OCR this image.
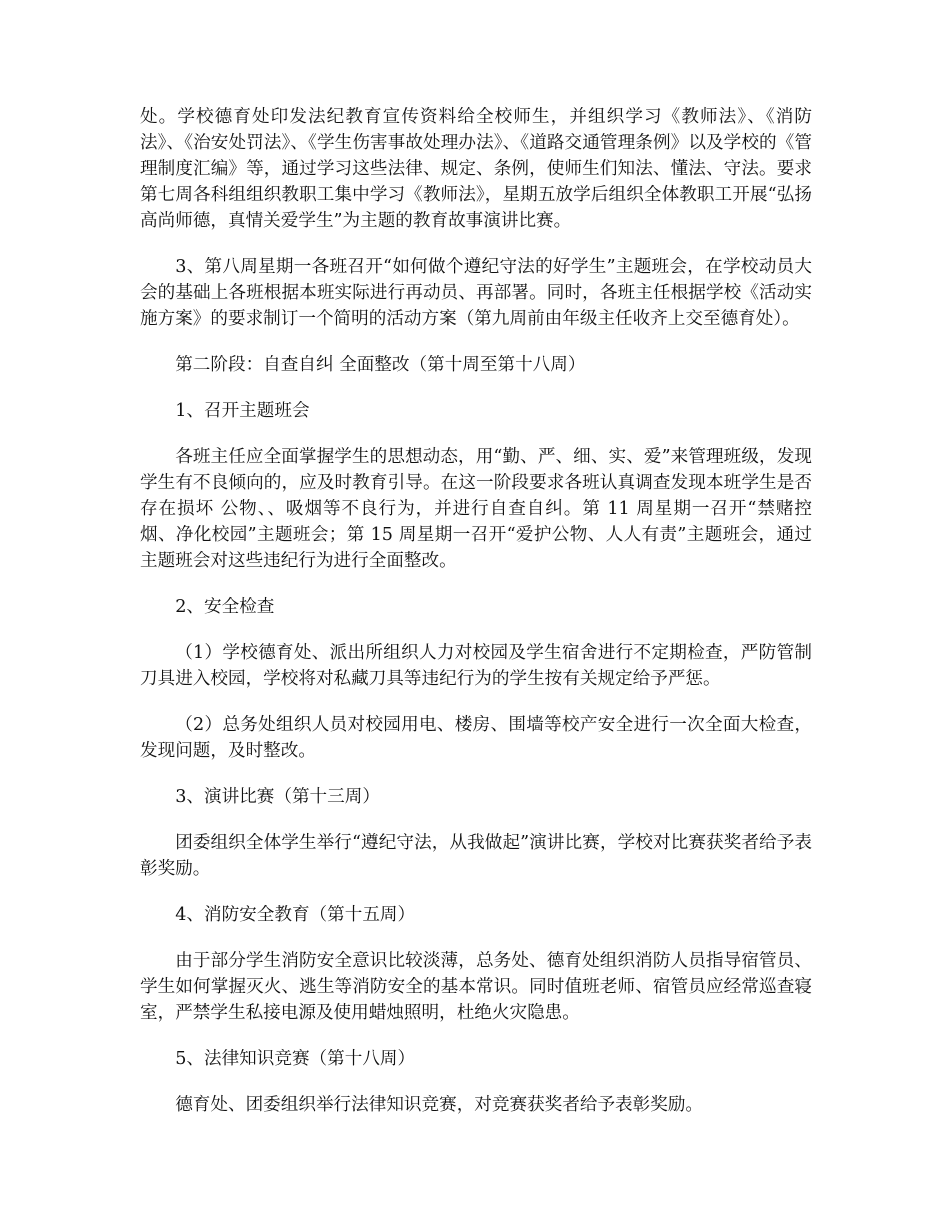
处。学校德育处印发法纪教育宣传资料给全校师生，并组织学习《教师法》、《消防法》、《治安处罚法》、《学生伤害事故处理办法》、《道路交通管理条例》以及学校的《管理制度汇编》等，通过学习这些法律、规定、条例，使师生们知法、懂法、守法。要求第七周各科组组织教职工集中学习《教师法》，星期五放学后组织全体教职工开展“弘扬高尚师德，真情关爱学生”为主题的教育故事演讲比赛。

3、第八周星期一各班召开“如何做个遵纪守法的好学生”主题班会，在学校动员大会的基础上各班根据本班实际进行再动员、再部署。同时，各班主任根据学校《活动实施方案》的要求制订一个简明的活动方案（第九周前由年级主任收齐上交至德育处）。

第二阶段：自查自纠 全面整改（第十周至第十八周）

1、召开主题班会

各班主任应全面掌握学生的思想动态，用“勤、严、细、实、爱”来管理班级，发现学生有不良倾向的，应及时教育引导。在这一阶段要求各班认真调查发现本班学生是否存在损坏 公物、、吸烟等不良行为，并进行自查自纠。第 11 周星期一召开“禁赌控烟、净化校园”主题班会；第 15 周星期一召开“爱护公物、人人有责”主题班会，通过主题班会对这些违纪行为进行全面整改。

2、安全检查

（1）学校德育处、派出所组织人力对校园及学生宿舍进行不定期检查，严防管制刀具进入校园，学校将对私藏刀具等违纪行为的学生按有关规定给予严惩。

（2）总务处组织人员对校园用电、楼房、围墙等校产安全进行一次全面大检查，发现问题，及时整改。

3、演讲比赛（第十三周）

团委组织全体学生举行“遵纪守法，从我做起”演讲比赛，学校对比赛获奖者给予表彰奖励。

4、消防安全教育（第十五周）

由于部分学生消防安全意识比较淡薄，总务处、德育处组织消防人员指导宿管员、学生如何掌握灭火、逃生等消防安全的基本常识。同时值班老师、宿管员应经常巡查寝室，严禁学生私接电源及使用蜡烛照明，杜绝火灾隐患。

5、法律知识竞赛（第十八周）

德育处、团委组织举行法律知识竞赛，对竞赛获奖者给予表彰奖励。
